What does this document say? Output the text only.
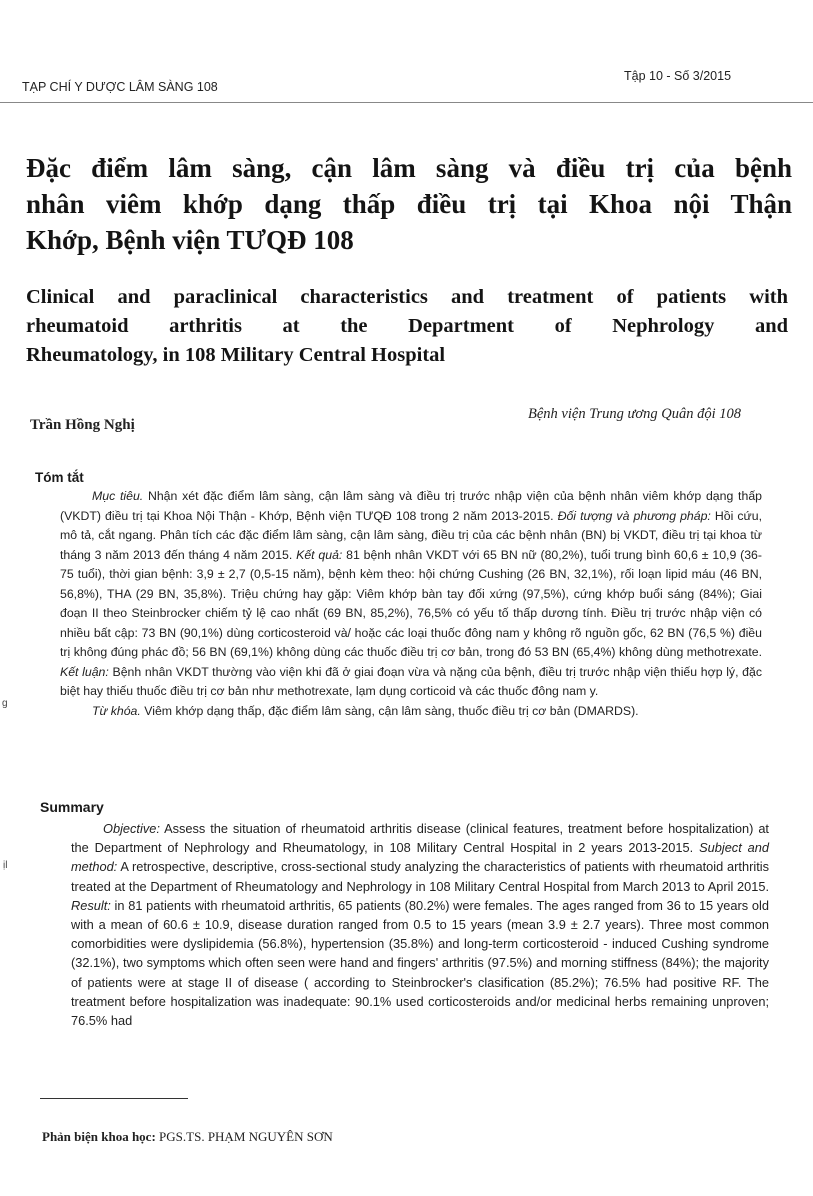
TẠP CHÍ Y DƯỢC LÂM SÀNG 108
Tập 10 - Số 3/2015
Đặc điểm lâm sàng, cận lâm sàng và điều trị của bệnh
nhân viêm khớp dạng thấp điều trị tại Khoa nội Thận
Khớp, Bệnh viện TƯQĐ 108
Clinical and paraclinical characteristics and treatment of patients with
rheumatoid arthritis at the Department of Nephrology and
Rheumatology, in 108 Military Central Hospital
Trần Hồng Nghị
Bệnh viện Trung ương Quân đội 108
Tóm tắt

Mục tiêu. Nhận xét đặc điểm lâm sàng, cận lâm sàng và điều trị trước nhập viện của bệnh nhân viêm khớp dạng thấp (VKDT) điều trị tại Khoa Nội Thận - Khớp, Bệnh viện TƯQĐ 108 trong 2 năm 2013-2015. Đối tượng và phương pháp: Hồi cứu, mô tả, cắt ngang. Phân tích các đặc điểm lâm sàng, cận lâm sàng, điều trị của các bệnh nhân (BN) bị VKDT, điều trị tại khoa từ tháng 3 năm 2013 đến tháng 4 năm 2015. Kết quả: 81 bệnh nhân VKDT với 65 BN nữ (80,2%), tuổi trung bình 60,6 ± 10,9 (36-75 tuổi), thời gian bệnh: 3,9 ± 2,7 (0,5-15 năm), bệnh kèm theo: hội chứng Cushing (26 BN, 32,1%), rối loạn lipid máu (46 BN, 56,8%), THA (29 BN, 35,8%). Triệu chứng hay gặp: Viêm khớp bàn tay đối xứng (97,5%), cứng khớp buổi sáng (84%); Giai đoạn II theo Steinbrocker chiếm tỷ lệ cao nhất (69 BN, 85,2%), 76,5% có yếu tố thấp dương tính. Điều trị trước nhập viện có nhiều bất cập: 73 BN (90,1%) dùng corticosteroid và/ hoặc các loại thuốc đông nam y không rõ nguồn gốc, 62 BN (76,5 %) điều trị không đúng phác đồ; 56 BN (69,1%) không dùng các thuốc điều trị cơ bản, trong đó 53 BN (65,4%) không dùng methotrexate. Kết luận: Bệnh nhân VKDT thường vào viện khi đã ở giai đoạn vừa và nặng của bệnh, điều trị trước nhập viện thiếu hợp lý, đặc biệt hay thiếu thuốc điều trị cơ bản như methotrexate, lạm dụng corticoid và các thuốc đông nam y.

Từ khóa. Viêm khớp dạng thấp, đặc điểm lâm sàng, cận lâm sàng, thuốc điều trị cơ bản (DMARDS).

Summary

Objective: Assess the situation of rheumatoid arthritis disease (clinical features, treatment before hospitalization) at the Department of Nephrology and Rheumatology, in 108 Military Central Hospital in 2 years 2013-2015. Subject and method: A retrospective, descriptive, cross-sectional study analyzing the characteristics of patients with rheumatoid arthritis treated at the Department of Rheumatology and Nephrology in 108 Military Central Hospital from March 2013 to April 2015. Result: in 81 patients with rheumatoid arthritis, 65 patients (80.2%) were females. The ages ranged from 36 to 15 years old with a mean of 60.6 ± 10.9, disease duration ranged from 0.5 to 15 years (mean 3.9 ± 2.7 years). Three most common comorbidities were dyslipidemia (56.8%), hypertension (35.8%) and long-term corticosteroid - induced Cushing syndrome (32.1%), two symptoms which often seen were hand and fingers' arthritis (97.5%) and morning stiffness (84%); the majority of patients were at stage II of disease ( according to Steinbrocker's clasification (85.2%); 76.5% had positive RF. The treatment before hospitalization was inadequate: 90.1% used corticosteroids and/or medicinal herbs remaining unproven; 76.5% had

Phản biện khoa học: PGS.TS. PHẠM NGUYÊN SƠN
g
ịl
